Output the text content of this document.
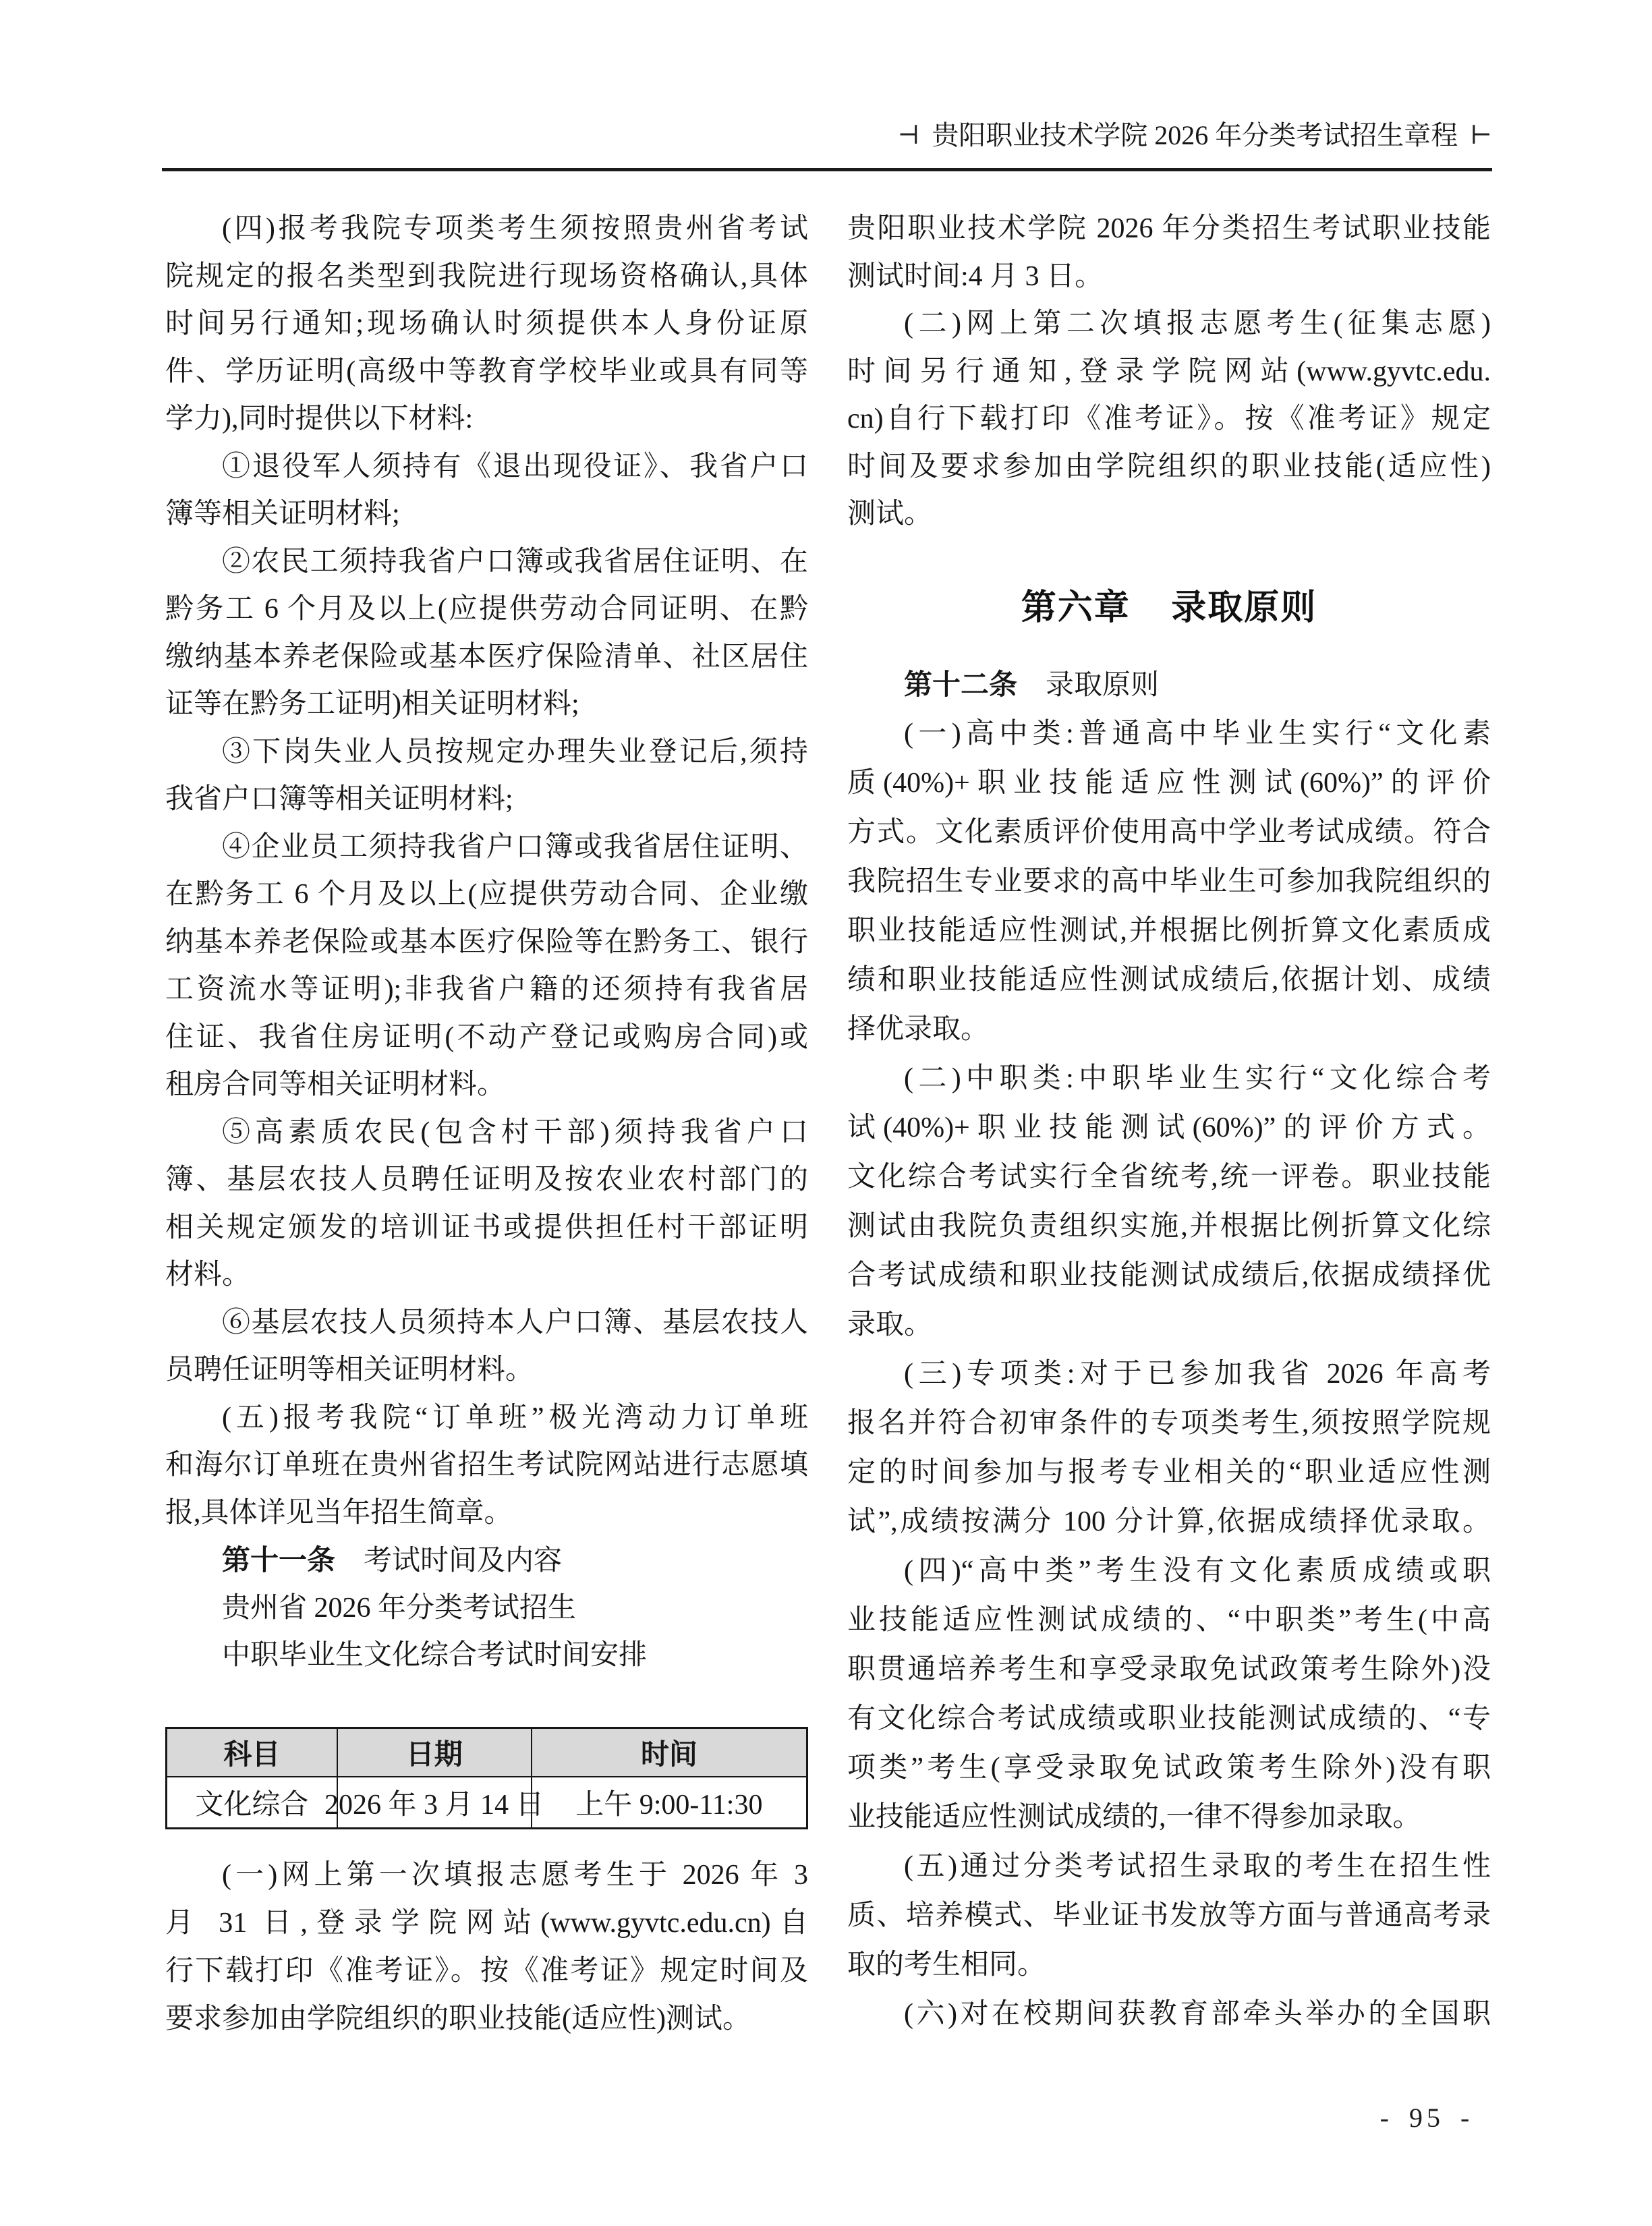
⊣ 贵阳职业技术学院 2026 年分类考试招生章程 ⊢
(四)报考我院专项类考生须按照贵州省考试
院规定的报名类型到我院进行现场资格确认,具体
时间另行通知;现场确认时须提供本人身份证原
件、学历证明(高级中等教育学校毕业或具有同等
学力),同时提供以下材料:
①退役军人须持有《退出现役证》、我省户口
簿等相关证明材料;
②农民工须持我省户口簿或我省居住证明、在
黔务工 6 个月及以上(应提供劳动合同证明、在黔
缴纳基本养老保险或基本医疗保险清单、社区居住
证等在黔务工证明)相关证明材料;
③下岗失业人员按规定办理失业登记后,须持
我省户口簿等相关证明材料;
④企业员工须持我省户口簿或我省居住证明、
在黔务工 6 个月及以上(应提供劳动合同、企业缴
纳基本养老保险或基本医疗保险等在黔务工、银行
工资流水等证明);非我省户籍的还须持有我省居
住证、我省住房证明(不动产登记或购房合同)或
租房合同等相关证明材料。
⑤高素质农民(包含村干部)须持我省户口
簿、基层农技人员聘任证明及按农业农村部门的
相关规定颁发的培训证书或提供担任村干部证明
材料。
⑥基层农技人员须持本人户口簿、基层农技人
员聘任证明等相关证明材料。
(五)报考我院“订单班”极光湾动力订单班
和海尔订单班在贵州省招生考试院网站进行志愿填
报,具体详见当年招生简章。
第十一条　考试时间及内容
贵州省 2026 年分类考试招生
中职毕业生文化综合考试时间安排
科目	日期	时间
文化综合 2026 年 3 月 14 日	上午 9:00-11:30
(一)网上第一次填报志愿考生于 2026 年 3
月 31 日,登录学院网站(www.gyvtc.edu.cn)自
行下载打印《准考证》。按《准考证》规定时间及
要求参加由学院组织的职业技能(适应性)测试。
贵阳职业技术学院 2026 年分类招生考试职业技能
测试时间:4 月 3 日。
(二)网上第二次填报志愿考生(征集志愿)
时间另行通知,登录学院网站(www.gyvtc.edu.
cn)自行下载打印《准考证》。按《准考证》规定
时间及要求参加由学院组织的职业技能(适应性)
测试。
第六章 录取原则
第十二条　录取原则
(一)高中类:普通高中毕业生实行“文化素
质(40%)+职业技能适应性测试(60%)”的评价
方式。文化素质评价使用高中学业考试成绩。符合
我院招生专业要求的高中毕业生可参加我院组织的
职业技能适应性测试,并根据比例折算文化素质成
绩和职业技能适应性测试成绩后,依据计划、成绩
择优录取。
(二)中职类:中职毕业生实行“文化综合考
试(40%)+职业技能测试(60%)”的评价方式。
文化综合考试实行全省统考,统一评卷。职业技能
测试由我院负责组织实施,并根据比例折算文化综
合考试成绩和职业技能测试成绩后,依据成绩择优
录取。
(三)专项类:对于已参加我省 2026 年高考
报名并符合初审条件的专项类考生,须按照学院规
定的时间参加与报考专业相关的“职业适应性测
试”,成绩按满分 100 分计算,依据成绩择优录取。
(四)“高中类”考生没有文化素质成绩或职
业技能适应性测试成绩的、“中职类”考生(中高
职贯通培养考生和享受录取免试政策考生除外)没
有文化综合考试成绩或职业技能测试成绩的、“专
项类”考生(享受录取免试政策考生除外)没有职
业技能适应性测试成绩的,一律不得参加录取。
(五)通过分类考试招生录取的考生在招生性
质、培养模式、毕业证书发放等方面与普通高考录
取的考生相同。
(六)对在校期间获教育部牵头举办的全国职
- 95 -
